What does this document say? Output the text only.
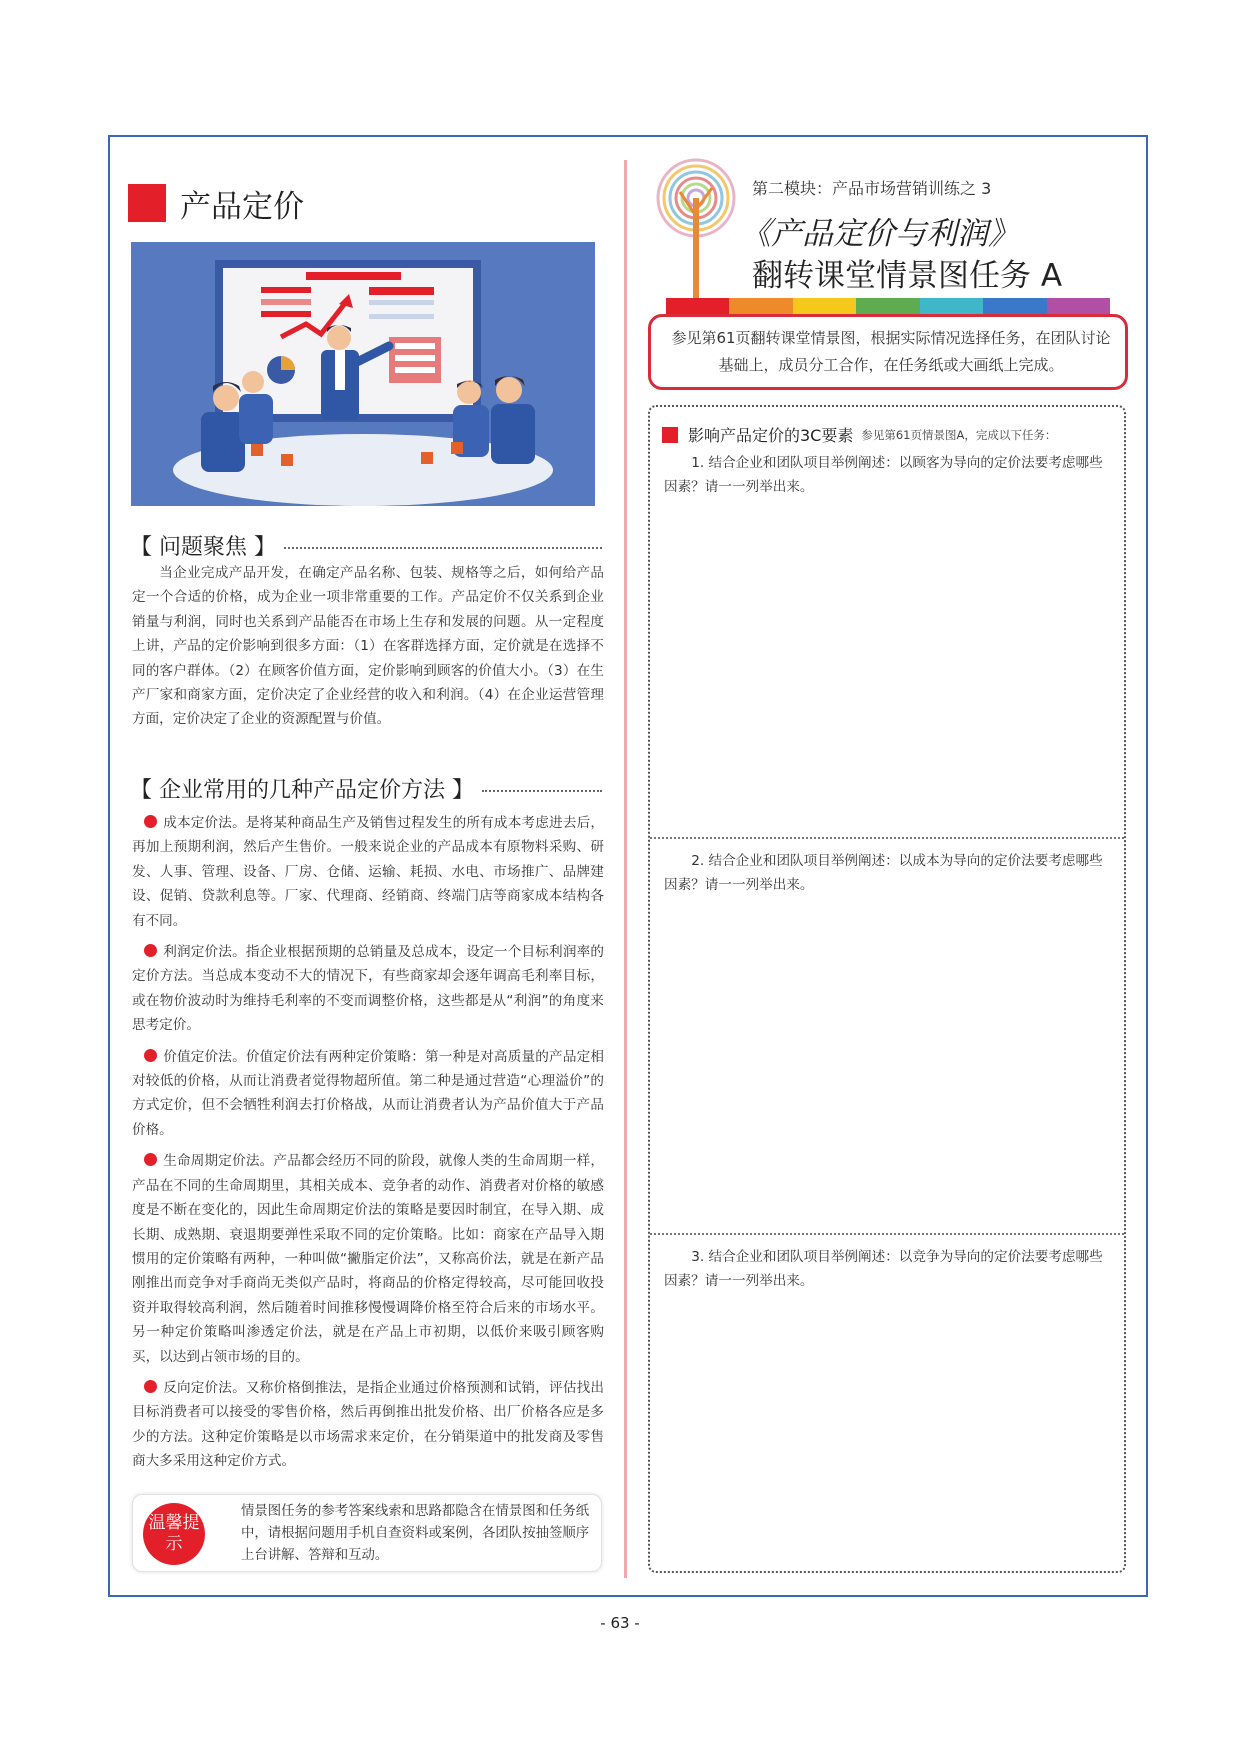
产品定价
【 问题聚焦 】
当企业完成产品开发，在确定产品名称、包装、规格等之后，如何给产品定一个合适的价格，成为企业一项非常重要的工作。产品定价不仅关系到企业销量与利润，同时也关系到产品能否在市场上生存和发展的问题。从一定程度上讲，产品的定价影响到很多方面：（1）在客群选择方面，定价就是在选择不同的客户群体。（2）在顾客价值方面，定价影响到顾客的价值大小。（3）在生产厂家和商家方面，定价决定了企业经营的收入和利润。（4）在企业运营管理方面，定价决定了企业的资源配置与价值。
【 企业常用的几种产品定价方法 】
成本定价法。是将某种商品生产及销售过程发生的所有成本考虑进去后，再加上预期利润，然后产生售价。一般来说企业的产品成本有原物料采购、研发、人事、管理、设备、厂房、仓储、运输、耗损、水电、市场推广、品牌建设、促销、贷款利息等。厂家、代理商、经销商、终端门店等商家成本结构各有不同。
利润定价法。指企业根据预期的总销量及总成本，设定一个目标利润率的定价方法。当总成本变动不大的情况下，有些商家却会逐年调高毛利率目标，或在物价波动时为维持毛利率的不变而调整价格，这些都是从“利润”的角度来思考定价。
价值定价法。价值定价法有两种定价策略：第一种是对高质量的产品定相对较低的价格，从而让消费者觉得物超所值。第二种是通过营造“心理溢价”的方式定价，但不会牺牲利润去打价格战，从而让消费者认为产品价值大于产品价格。
生命周期定价法。产品都会经历不同的阶段，就像人类的生命周期一样，产品在不同的生命周期里，其相关成本、竞争者的动作、消费者对价格的敏感度是不断在变化的，因此生命周期定价法的策略是要因时制宜，在导入期、成长期、成熟期、衰退期要弹性采取不同的定价策略。比如：商家在产品导入期惯用的定价策略有两种，一种叫做“撇脂定价法”，又称高价法，就是在新产品刚推出而竞争对手商尚无类似产品时，将商品的价格定得较高，尽可能回收投资并取得较高利润，然后随着时间推移慢慢调降价格至符合后来的市场水平。另一种定价策略叫渗透定价法，就是在产品上市初期，以低价来吸引顾客购买，以达到占领市场的目的。
反向定价法。又称价格倒推法，是指企业通过价格预测和试销，评估找出目标消费者可以接受的零售价格，然后再倒推出批发价格、出厂价格各应是多少的方法。这种定价策略是以市场需求来定价，在分销渠道中的批发商及零售商大多采用这种定价方式。
温馨提示
情景图任务的参考答案线索和思路都隐含在情景图和任务纸中，请根据问题用手机自查资料或案例，各团队按抽签顺序上台讲解、答辩和互动。
第二模块：产品市场营销训练之 3
《产品定价与利润》
翻转课堂情景图任务 A
参见第61页翻转课堂情景图，根据实际情况选择任务，在团队讨论基础上，成员分工合作，在任务纸或大画纸上完成。
影响产品定价的3C要素 参见第61页情景图A，完成以下任务：
1. 结合企业和团队项目举例阐述：以顾客为导向的定价法要考虑哪些因素？请一一列举出来。
2. 结合企业和团队项目举例阐述：以成本为导向的定价法要考虑哪些因素？请一一列举出来。
3. 结合企业和团队项目举例阐述：以竞争为导向的定价法要考虑哪些因素？请一一列举出来。
- 63 -
